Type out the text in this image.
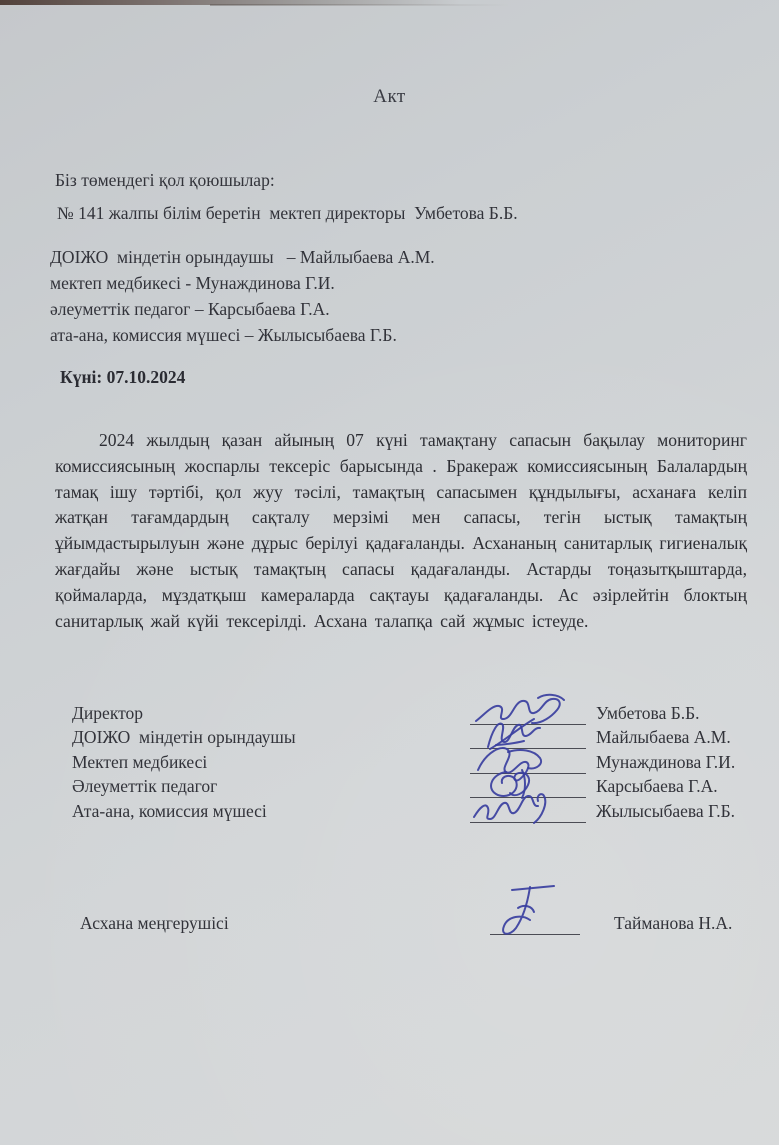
Акт

Біз төмендегі қол қоюшылар:

№ 141 жалпы білім беретін  мектеп директоры  Умбетова Б.Б.

ДОІЖО  міндетін орындаушы   – Майлыбаева А.М.

мектеп медбикесі - Мунаждинова Г.И.

әлеуметтік педагог – Карсыбаева Г.А.

ата-ана, комиссия мүшесі – Жылысыбаева Г.Б.

Күні: 07.10.2024

2024 жылдың қазан айының 07 күні тамақтану сапасын бақылау мониторинг комиссиясының жоспарлы тексеріс барысында . Бракераж комиссиясының Балалардың тамақ ішу тәртібі, қол жуу тәсілі, тамақтың сапасымен құндылығы, асханаға келіп жатқан тағамдардың сақталу мерзімі мен сапасы, тегін ыстық тамақтың ұйымдастырылуын және дұрыс берілуі қадағаланды. Асхананың санитарлық гигиеналық жағдайы және ыстық тамақтың сапасы қадағаланды. Астарды тоңазытқыштарда, қоймаларда, мұздатқыш камераларда сақтауы қадағаланды. Ас әзірлейтін блоктың санитарлық жай күйі тексерілді. Асхана талапқа сай жұмыс істеуде.

Директор	Умбетова Б.Б.
ДОІЖО  міндетін орындаушы	Майлыбаева А.М.
Мектеп медбикесі	Мунаждинова Г.И.
Әлеуметтік педагог	Карсыбаева Г.А.
Ата-ана, комиссия мүшесі	Жылысыбаева Г.Б.
Асхана меңгерушісі	Тайманова Н.А.
